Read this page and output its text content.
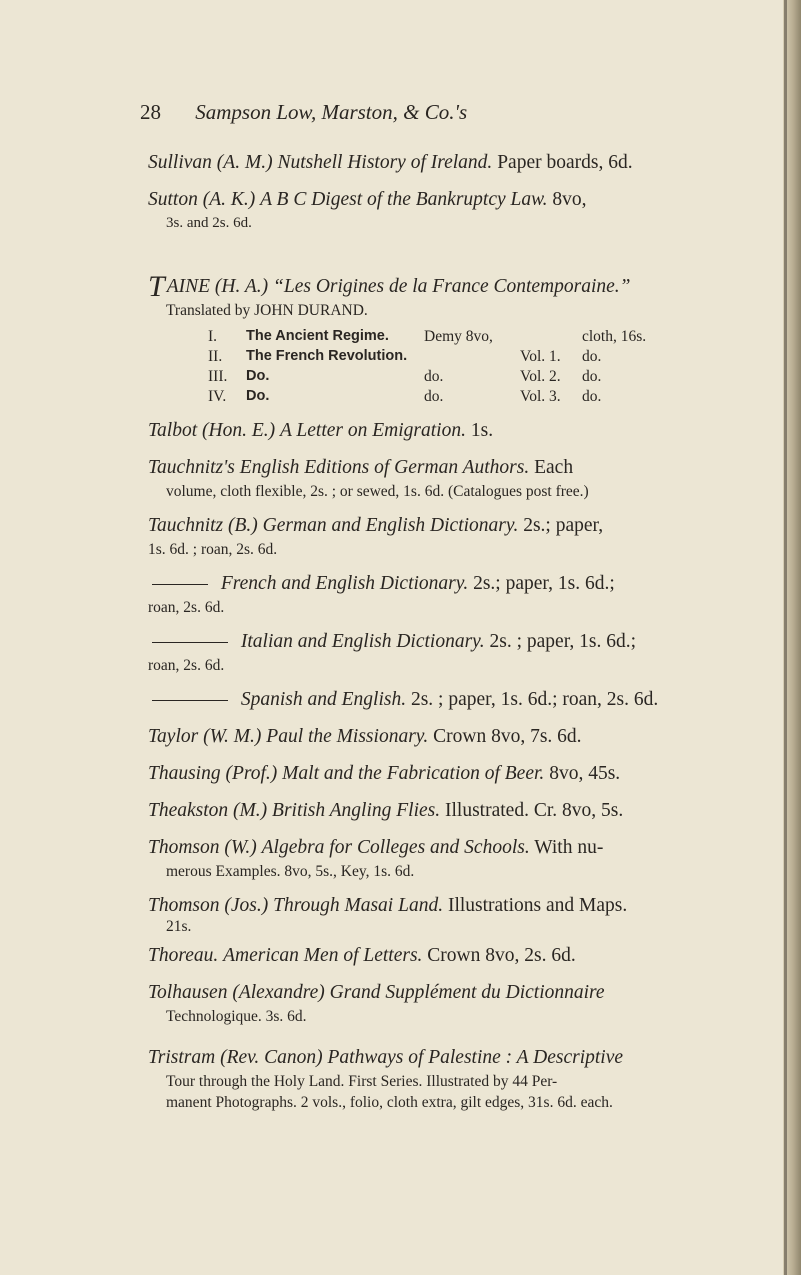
28 Sampson Low, Marston, & Co.'s
Sullivan (A. M.) Nutshell History of Ireland. Paper boards, 6d.
Sutton (A. K.) A B C Digest of the Bankruptcy Law. 8vo,
3s. and 2s. 6d.
T AINE (H. A.) “Les Origines de la France Contemporaine.”
Translated by JOHN DURAND.
I.	The Ancient Regime.	Demy 8vo,		cloth, 16s.
II.	The French Revolution.		Vol. 1.	do.
III.	Do.	do.	Vol. 2.	do.
IV.	Do.	do.	Vol. 3.	do.
Talbot (Hon. E.) A Letter on Emigration. 1s.
Tauchnitz's English Editions of German Authors. Each
volume, cloth flexible, 2s. ; or sewed, 1s. 6d. (Catalogues post free.)
Tauchnitz (B.) German and English Dictionary. 2s.; paper,
1s. 6d. ; roan, 2s. 6d.
French and English Dictionary. 2s.; paper, 1s. 6d.;
roan, 2s. 6d.
Italian and English Dictionary. 2s. ; paper, 1s. 6d.;
roan, 2s. 6d.
Spanish and English. 2s. ; paper, 1s. 6d.; roan, 2s. 6d.
Taylor (W. M.) Paul the Missionary. Crown 8vo, 7s. 6d.
Thausing (Prof.) Malt and the Fabrication of Beer. 8vo, 45s.
Theakston (M.) British Angling Flies. Illustrated. Cr. 8vo, 5s.
Thomson (W.) Algebra for Colleges and Schools. With nu-
merous Examples. 8vo, 5s., Key, 1s. 6d.
Thomson (Jos.) Through Masai Land. Illustrations and Maps.
21s.
Thoreau. American Men of Letters. Crown 8vo, 2s. 6d.
Tolhausen (Alexandre) Grand Supplément du Dictionnaire
Technologique. 3s. 6d.
Tristram (Rev. Canon) Pathways of Palestine : A Descriptive
Tour through the Holy Land. First Series. Illustrated by 44 Per-
manent Photographs. 2 vols., folio, cloth extra, gilt edges, 31s. 6d. each.
